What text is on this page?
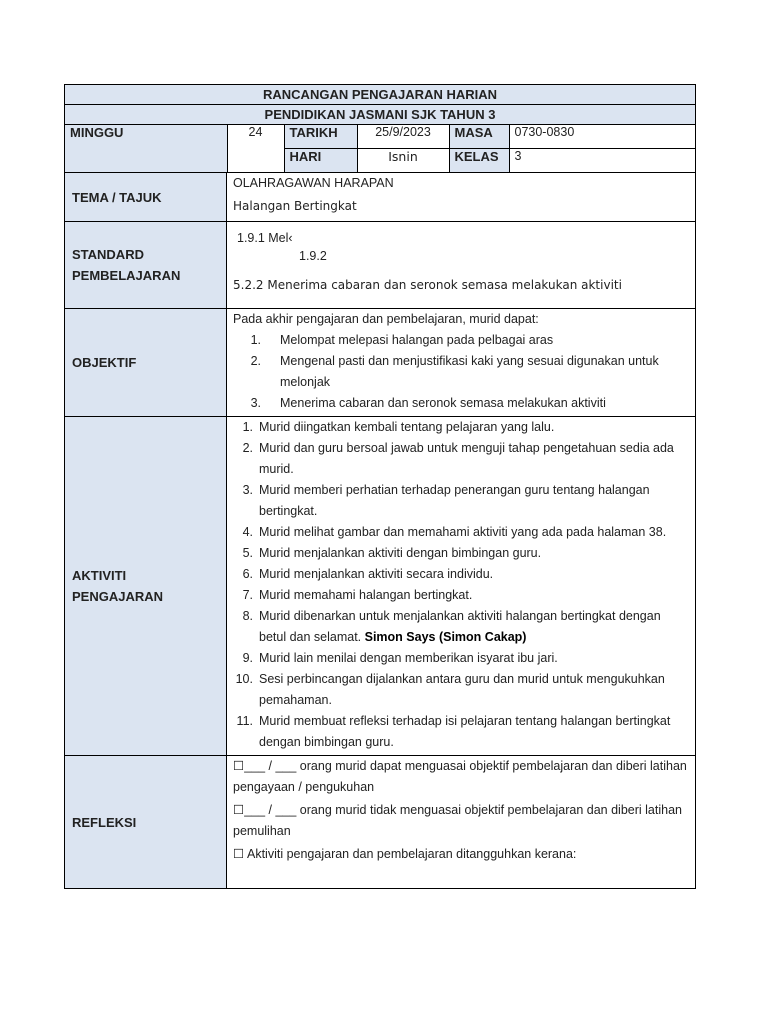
RANCANGAN PENGAJARAN HARIAN
PENDIDIKAN JASMANI SJK TAHUN 3

MINGGU	24	TARIKH	25/9/2023	MASA	0730-0830
HARI	Isnin	KELAS	3

TEMA / TAJUK	
OLAHRAGAWAN HARAPAN
Halangan Bertingkat

STANDARD
PEMBELAJARAN

1.9.1 Mel‹
1.9.2
5.2.2 Menerima cabaran dan seronok semasa melakukan aktiviti

OBJEKTIF	
Pada akhir pengajaran dan pembelajaran, murid dapat:
1. Melompat melepasi halangan pada pelbagai aras
2. Mengenal pasti dan menjustifikasi kaki yang sesuai digunakan untuk melonjak
3. Menerima cabaran dan seronok semasa melakukan aktiviti

AKTIVITI
PENGAJARAN

1. Murid diingatkan kembali tentang pelajaran yang lalu.
2. Murid dan guru bersoal jawab untuk menguji tahap pengetahuan sedia ada murid.
3. Murid memberi perhatian terhadap penerangan guru tentang halangan bertingkat.
4. Murid melihat gambar dan memahami aktiviti yang ada pada halaman 38.
5. Murid menjalankan aktiviti dengan bimbingan guru.
6. Murid menjalankan aktiviti secara individu.
7. Murid memahami halangan bertingkat.
8. Murid dibenarkan untuk menjalankan aktiviti halangan bertingkat dengan betul dan selamat. Simon Says (Simon Cakap)
9. Murid lain menilai dengan memberikan isyarat ibu jari.
10. Sesi perbincangan dijalankan antara guru dan murid untuk mengukuhkan pemahaman.
11. Murid membuat refleksi terhadap isi pelajaran tentang halangan bertingkat dengan bimbingan guru.

REFLEKSI	
☐___ / ___ orang murid dapat menguasai objektif pembelajaran dan diberi latihan pengayaan / pengukuhan
☐___ / ___ orang murid tidak menguasai objektif pembelajaran dan diberi latihan pemulihan
☐ Aktiviti pengajaran dan pembelajaran ditangguhkan kerana:
